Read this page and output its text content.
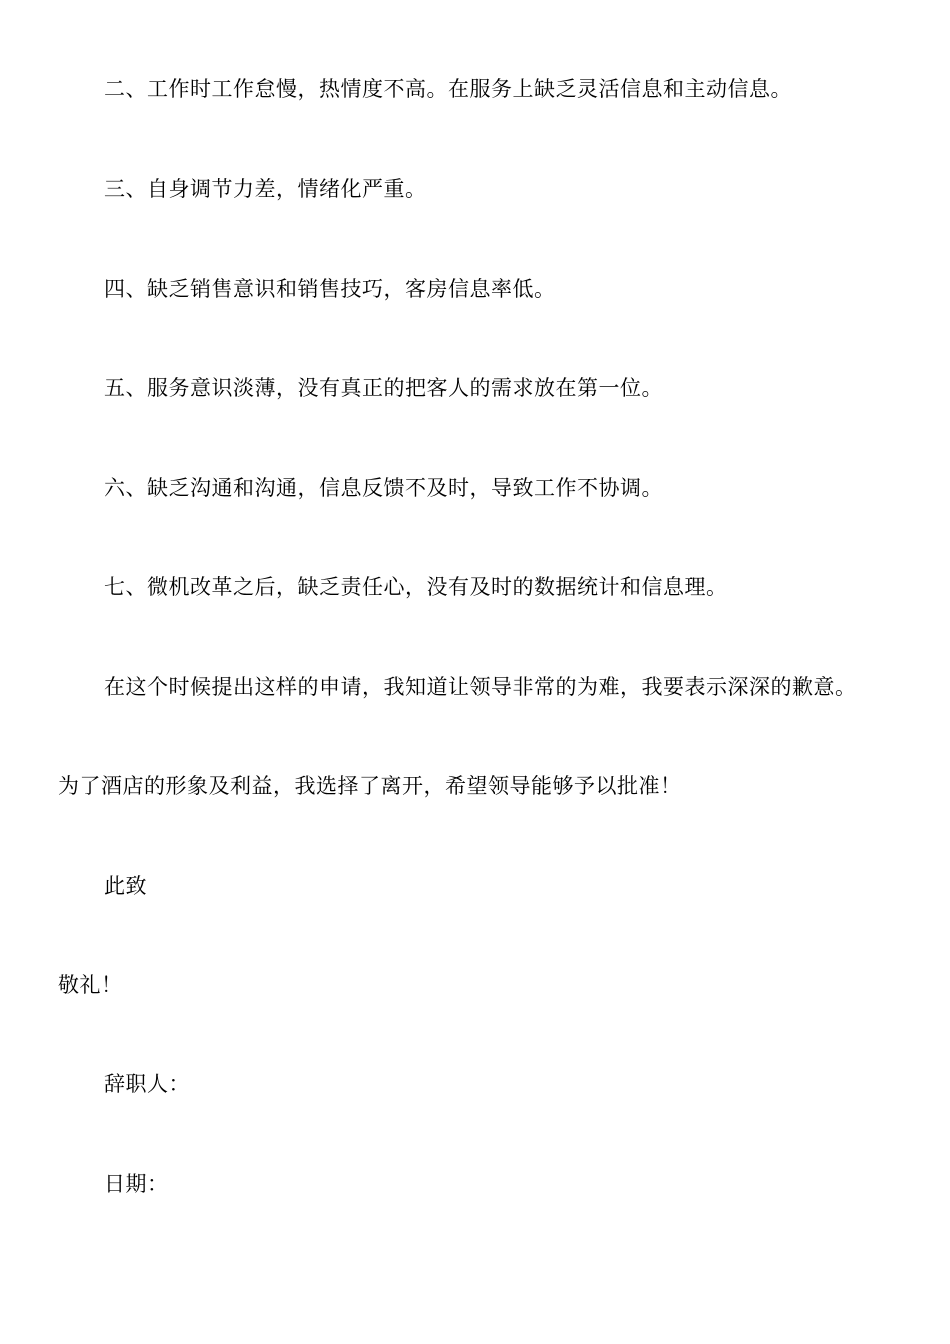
二、工作时工作怠慢，热情度不高。在服务上缺乏灵活信息和主动信息。
三、自身调节力差，情绪化严重。
四、缺乏销售意识和销售技巧，客房信息率低。
五、服务意识淡薄，没有真正的把客人的需求放在第一位。
六、缺乏沟通和沟通，信息反馈不及时，导致工作不协调。
七、微机改革之后，缺乏责任心，没有及时的数据统计和信息理。
在这个时候提出这样的申请，我知道让领导非常的为难，我要表示深深的歉意。
为了酒店的形象及利益，我选择了离开，希望领导能够予以批准！
此致
敬礼！
辞职人：
日期：
